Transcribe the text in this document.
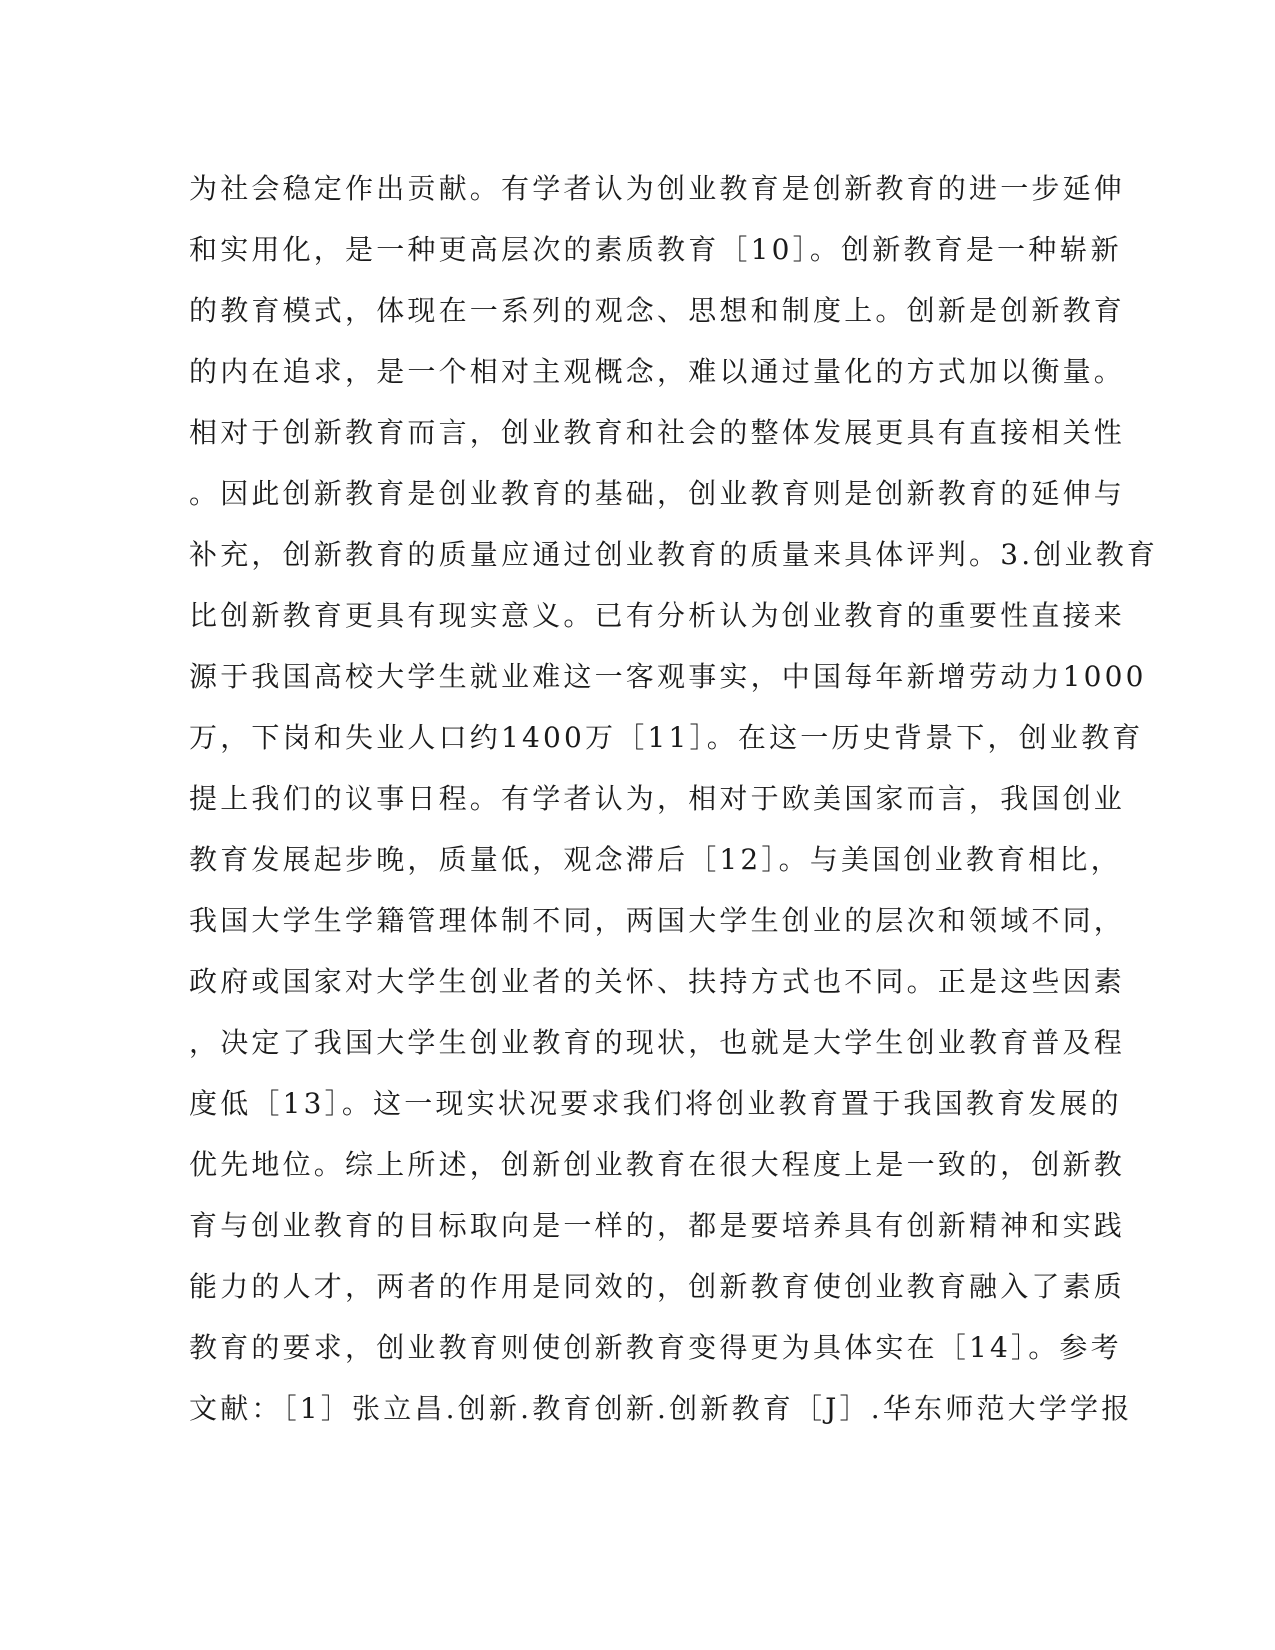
为社会稳定作出贡献。有学者认为创业教育是创新教育的进一步延伸
和实用化，是一种更高层次的素质教育［10］。创新教育是一种崭新
的教育模式，体现在一系列的观念、思想和制度上。创新是创新教育
的内在追求，是一个相对主观概念，难以通过量化的方式加以衡量。
相对于创新教育而言，创业教育和社会的整体发展更具有直接相关性
。因此创新教育是创业教育的基础，创业教育则是创新教育的延伸与
补充，创新教育的质量应通过创业教育的质量来具体评判。3.创业教育
比创新教育更具有现实意义。已有分析认为创业教育的重要性直接来
源于我国高校大学生就业难这一客观事实，中国每年新增劳动力1000
万，下岗和失业人口约1400万［11］。在这一历史背景下，创业教育
提上我们的议事日程。有学者认为，相对于欧美国家而言，我国创业
教育发展起步晚，质量低，观念滞后［12］。与美国创业教育相比，
我国大学生学籍管理体制不同，两国大学生创业的层次和领域不同，
政府或国家对大学生创业者的关怀、扶持方式也不同。正是这些因素
，决定了我国大学生创业教育的现状，也就是大学生创业教育普及程
度低［13］。这一现实状况要求我们将创业教育置于我国教育发展的
优先地位。综上所述，创新创业教育在很大程度上是一致的，创新教
育与创业教育的目标取向是一样的，都是要培养具有创新精神和实践
能力的人才，两者的作用是同效的，创新教育使创业教育融入了素质
教育的要求，创业教育则使创新教育变得更为具体实在［14］。参考
文献：［1］张立昌.创新.教育创新.创新教育［J］.华东师范大学学报
